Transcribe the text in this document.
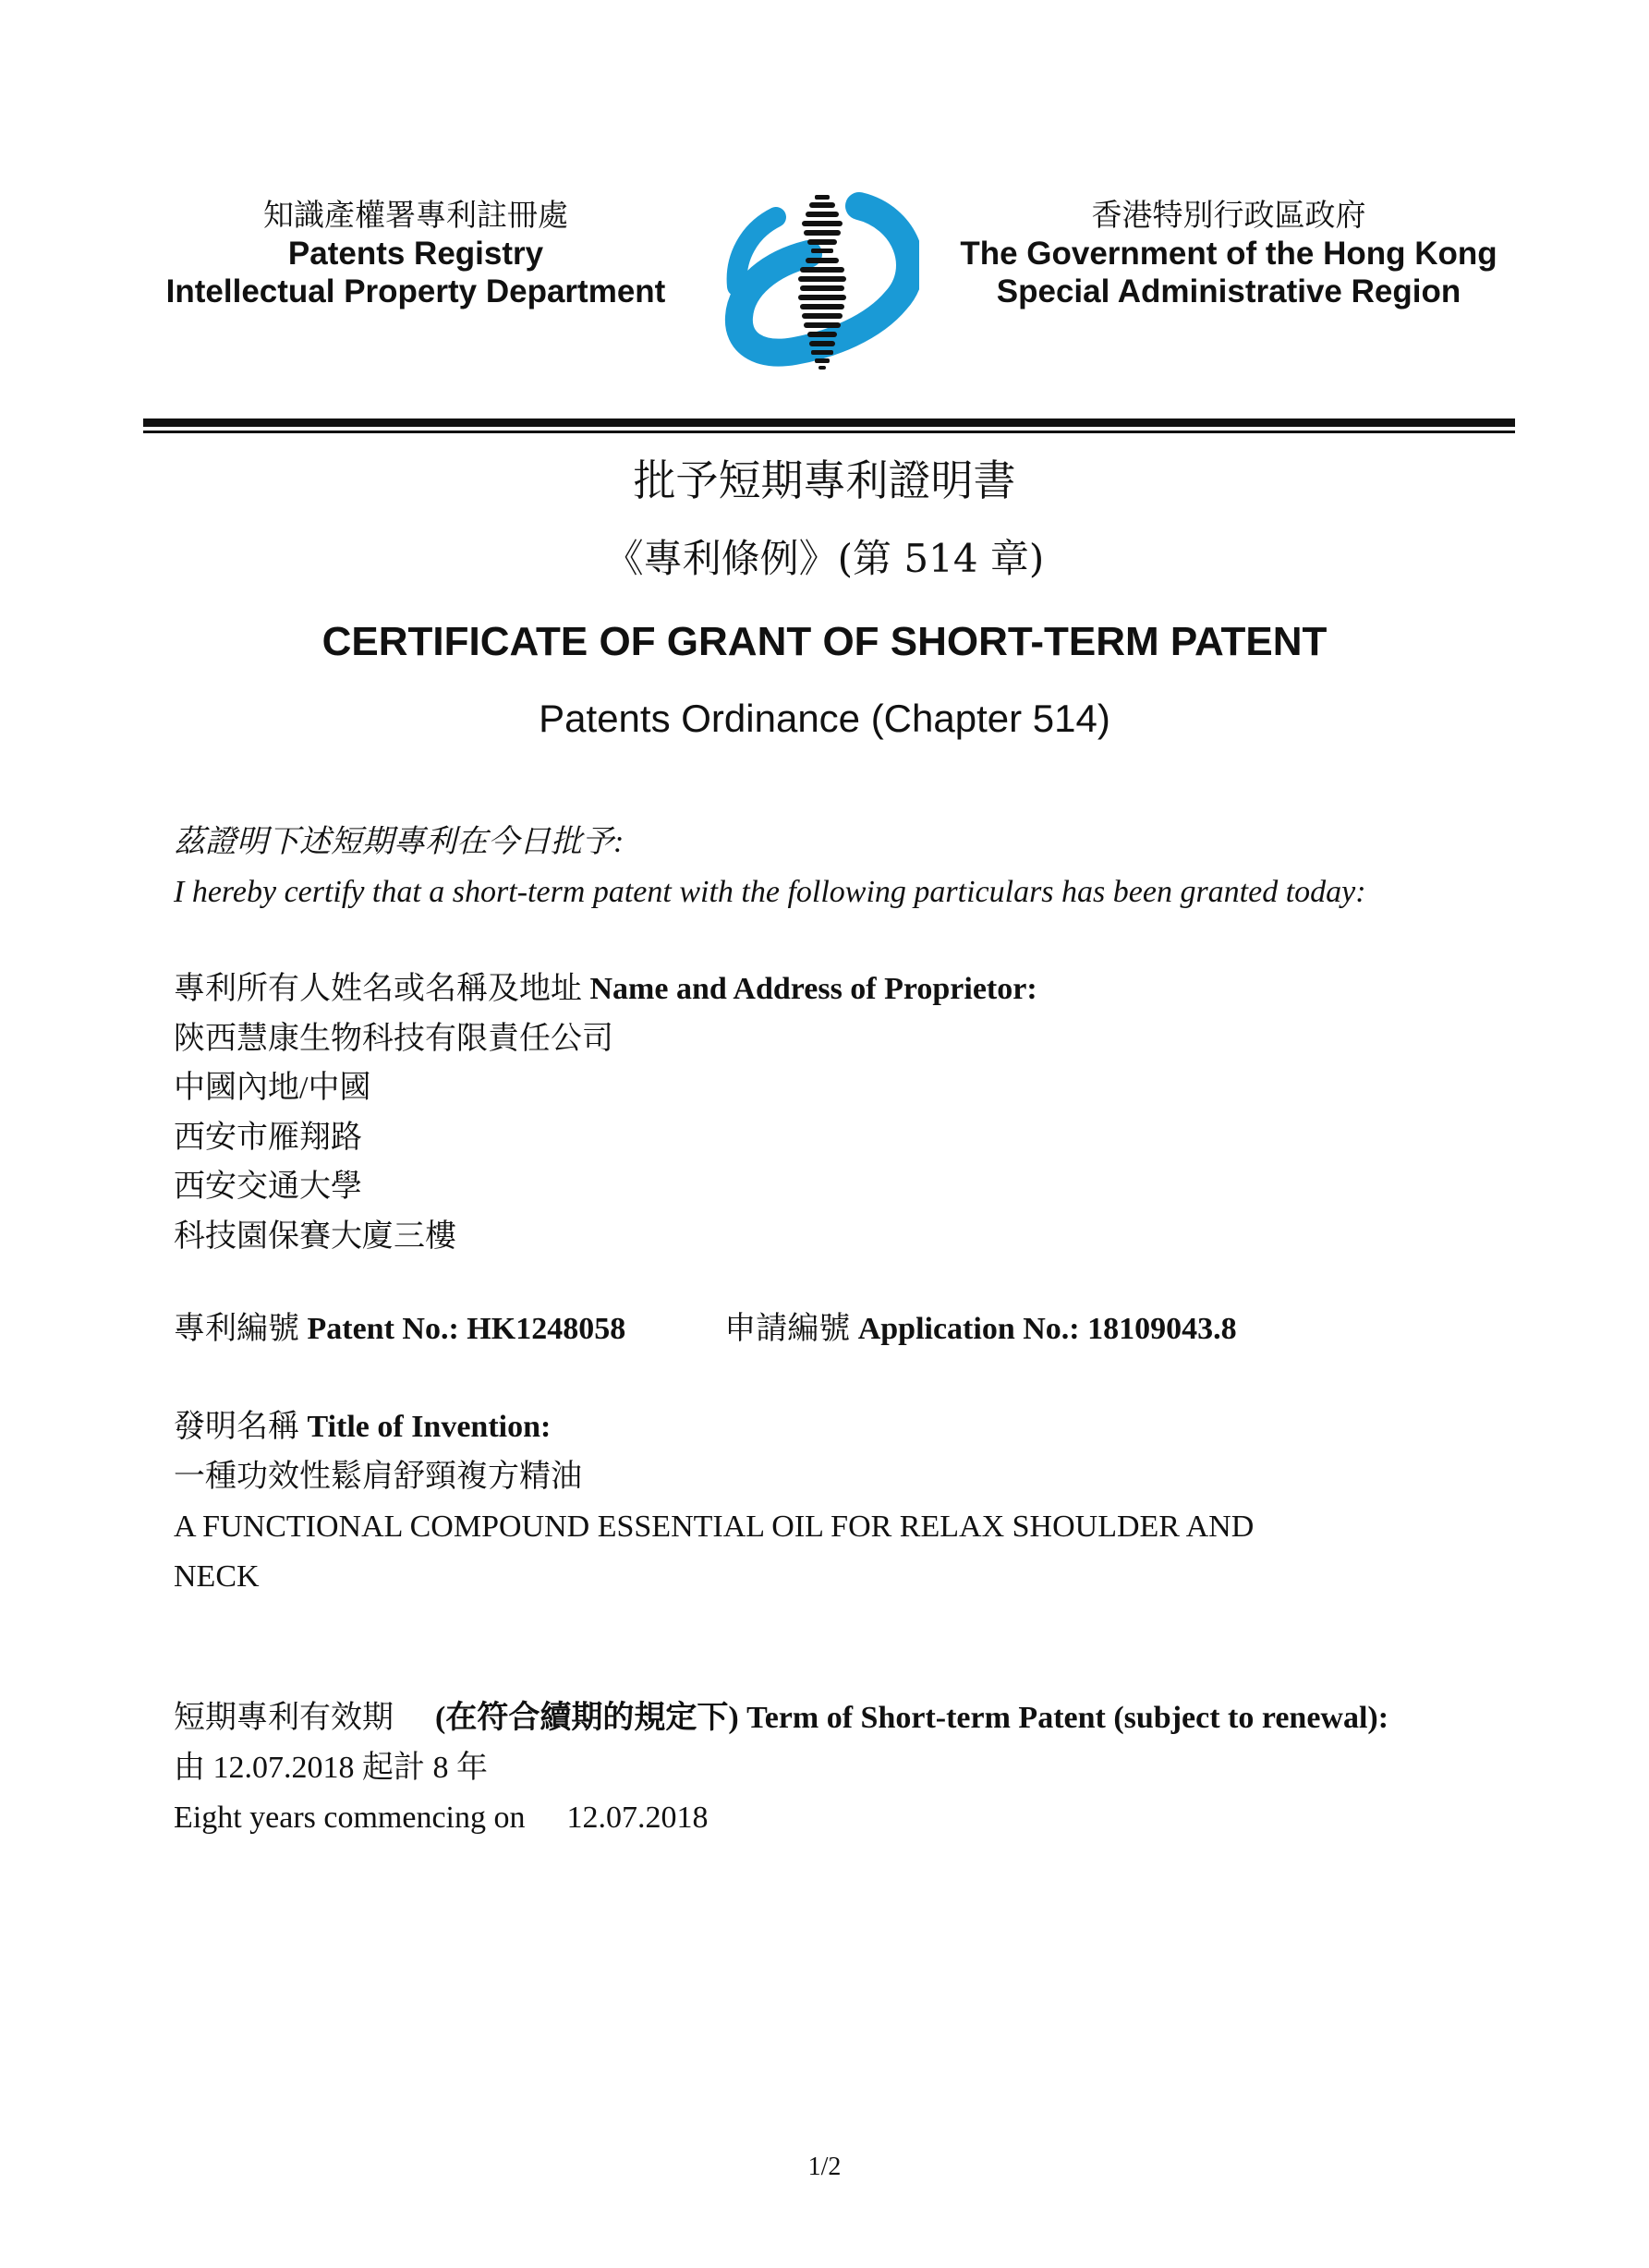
知識產權署專利註冊處
Patents Registry
Intellectual Property Department
香港特別行政區政府
The Government of the Hong Kong
Special Administrative Region
批予短期專利證明書
《專利條例》(第 514 章)
CERTIFICATE OF GRANT OF SHORT-TERM PATENT
Patents Ordinance (Chapter 514)
茲證明下述短期專利在今日批予:
I hereby certify that a short-term patent with the following particulars has been granted today:
專利所有人姓名或名稱及地址 Name and Address of Proprietor:
陝西慧康生物科技有限責任公司
中國內地/中國
西安市雁翔路
西安交通大學
科技園保賽大廈三樓
專利編號 Patent No.: HK1248058	申請編號 Application No.: 18109043.8
發明名稱 Title of Invention:
一種功效性鬆肩舒頸複方精油
A FUNCTIONAL COMPOUND ESSENTIAL OIL FOR RELAX SHOULDER AND
NECK
短期專利有效期 (在符合續期的規定下) Term of Short-term Patent (subject to renewal):
由 12.07.2018 起計 8 年
Eight years commencing on 12.07.2018
1/2
